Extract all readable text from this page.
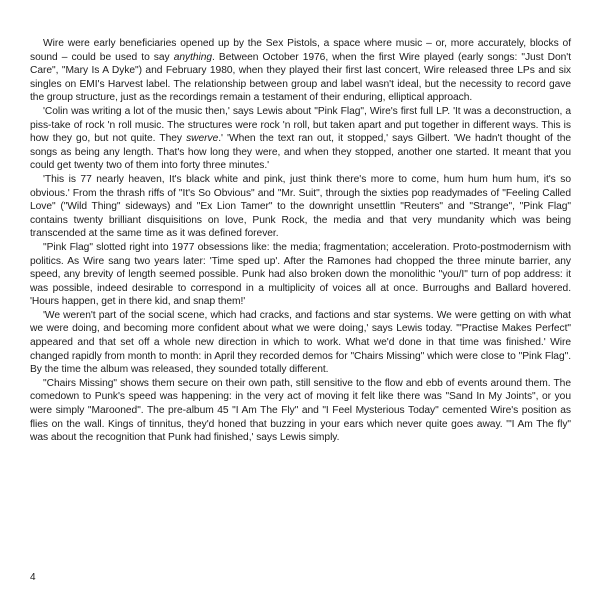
Wire were early beneficiaries opened up by the Sex Pistols, a space where music – or, more accurately, blocks of sound – could be used to say anything. Between October 1976, when the first Wire played (early songs: "Just Don't Care", "Mary Is A Dyke") and February 1980, when they played their first last concert, Wire released three LPs and six singles on EMI's Harvest label. The relationship between group and label wasn't ideal, but the necessity to record gave the group structure, just as the recordings remain a testament of their enduring, elliptical approach.

'Colin was writing a lot of the music then,' says Lewis about "Pink Flag", Wire's first full LP. 'It was a deconstruction, a piss-take of rock 'n roll music. The structures were rock 'n roll, but taken apart and put together in different ways. This is how they go, but not quite. They swerve.' 'When the text ran out, it stopped,' says Gilbert. 'We hadn't thought of the songs as being any length. That's how long they were, and when they stopped, another one started. It meant that you could get twenty two of them into forty three minutes.'

'This is 77 nearly heaven, It's black white and pink, just think there's more to come, hum hum hum hum, it's so obvious.' From the thrash riffs of "It's So Obvious" and "Mr. Suit", through the sixties pop readymades of "Feeling Called Love" ("Wild Thing" sideways) and "Ex Lion Tamer" to the downright unsettlin "Reuters" and "Strange", "Pink Flag" contains twenty brilliant disquisitions on love, Punk Rock, the media and that very mundanity which was being transcended at the same time as it was defined forever.

"Pink Flag" slotted right into 1977 obsessions like: the media; fragmentation; acceleration. Proto-postmodernism with politics. As Wire sang two years later: 'Time sped up'. After the Ramones had chopped the three minute barrier, any speed, any brevity of length seemed possible. Punk had also broken down the monolithic "you/I" turn of pop address: it was possible, indeed desirable to correspond in a multiplicity of voices all at once. Burroughs and Ballard hovered. 'Hours happen, get in there kid, and snap them!'

'We weren't part of the social scene, which had cracks, and factions and star systems. We were getting on with what we were doing, and becoming more confident about what we were doing,' says Lewis today. '"Practise Makes Perfect" appeared and that set off a whole new direction in which to work. What we'd done in that time was finished.' Wire changed rapidly from month to month: in April they recorded demos for "Chairs Missing" which were close to "Pink Flag". By the time the album was released, they sounded totally different.

"Chairs Missing" shows them secure on their own path, still sensitive to the flow and ebb of events around them. The comedown to Punk's speed was happening: in the very act of moving it felt like there was "Sand In My Joints", or you were simply "Marooned". The pre-album 45 "I Am The Fly" and "I Feel Mysterious Today" cemented Wire's position as flies on the wall. Kings of tinnitus, they'd honed that buzzing in your ears which never quite goes away. '"I Am The fly" was about the recognition that Punk had finished,' says Lewis simply.

4
